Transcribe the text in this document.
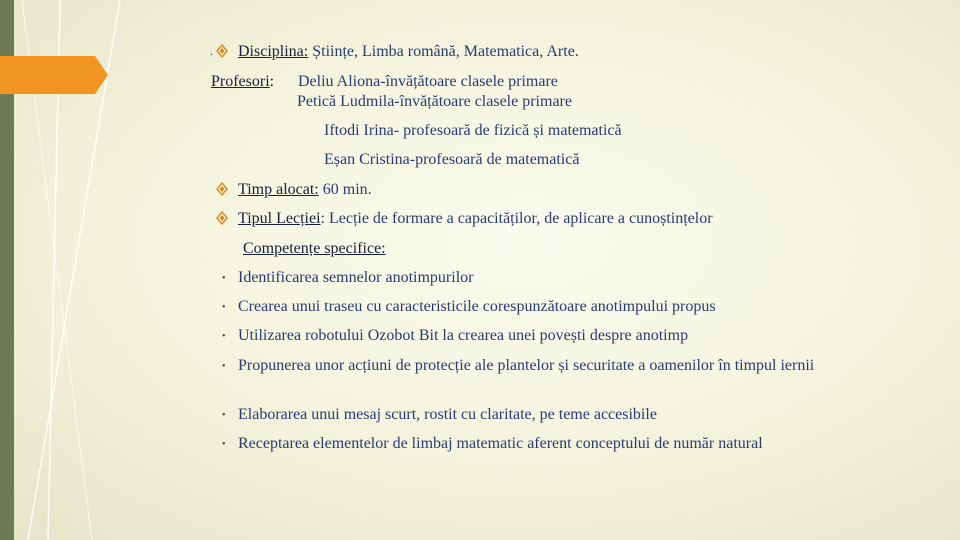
. Disciplina: Științe, Limba română, Matematica, Arte.
Profesori: Deliu Aliona-învățătoare clasele primare
Petică Ludmila-învățătoare clasele primare
Iftodi Irina- profesoară de fizică și matematică
Eșan Cristina-profesoară de matematică
Timp alocat: 60 min.
Tipul Lecției: Lecție de formare a capacităților, de aplicare a cunoștințelor
Competențe specifice:
• Identificarea semnelor anotimpurilor
• Crearea unui traseu cu caracteristicile corespunzătoare anotimpului propus
• Utilizarea robotului Ozobot Bit la crearea unei povești despre anotimp
• Propunerea unor acțiuni de protecție ale plantelor și securitate a oamenilor în timpul iernii
• Elaborarea unui mesaj scurt, rostit cu claritate, pe teme accesibile
• Receptarea elementelor de limbaj matematic aferent conceptului de număr natural
